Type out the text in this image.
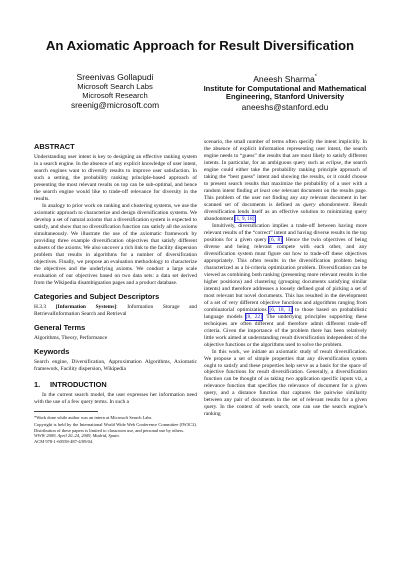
An Axiomatic Approach for Result Diversification
Sreenivas Gollapudi
Microsoft Search Labs
Microsoft Research
sreenig@microsoft.com
Aneesh Sharma*
Institute for Computational and Mathematical
Engineering, Stanford University
aneeshs@stanford.edu
ABSTRACT

Understanding user intent is key to designing an effective ranking system in a search engine. In the absence of any explicit knowledge of user intent, search engines want to diversify results to improve user satisfaction. In such a setting, the probability ranking principle-based approach of presenting the most relevant results on top can be sub-optimal, and hence the search engine would like to trade-off relevance for diversity in the results.

In analogy to prior work on ranking and clustering systems, we use the axiomatic approach to characterize and design diversification systems. We develop a set of natural axioms that a diversification system is expected to satisfy, and show that no diversification function can satisfy all the axioms simultaneously. We illustrate the use of the axiomatic framework by providing three example diversification objectives that satisfy different subsets of the axioms. We also uncover a rich link to the facility dispersion problem that results in algorithms for a number of diversification objectives. Finally, we propose an evaluation methodology to characterize the objectives and the underlying axioms. We conduct a large scale evaluation of our objectives based on two data sets: a data set derived from the Wikipedia disambiguation pages and a product database.

Categories and Subject Descriptors

H.3.3 [Information Systems]: Information Storage and RetrievalInformation Search and Retrieval

General Terms

Algorithms, Theory, Performance

Keywords

Search engine, Diversification, Approximation Algorithms, Axiomatic framework, Facility dispersion, Wikipedia

1. INTRODUCTION

In the current search model, the user expresses her information need with the use of a few query terms. In such a

*Work done while author was an intern at Microsoft Search Labs

Copyright is held by the International World Wide Web Conference Committee (IW3C2). Distribution of these papers is limited to classroom use, and personal use by others.

WWW 2009, April 20–24, 2009, Madrid, Spain.

ACM 978-1-60558-487-4/09/04.

scenario, the small number of terms often specify the intent implicitly. In the absence of explicit information representing user intent, the search engine needs to “guess” the results that are most likely to satisfy different intents. In particular, for an ambiguous query such as eclipse, the search engine could either take the probability ranking principle approach of taking the “best guess” intent and showing the results, or it could choose to present search results that maximize the probability of a user with a random intent finding at least one relevant document on the results page. This problem of the user not finding any any relevant document in her scanned set of documents is defined as query abandonment. Result diversification lends itself as an effective solution to minimizing query abandonment [1, 9, 18].

Intuitively, diversification implies a trade-off between having more relevant results of the “correct” intent and having diverse results in the top positions for a given query [6, 8]. Hence the twin objectives of being diverse and being relevant compete with each other, and any diversification system must figure out how to trade-off these objectives appropriately. This often results in the diversification problem being characterized as a bi-criteria optimization problem. Diversification can be viewed as combining both ranking (presenting more relevant results in the higher positions) and clustering (grouping documents satisfying similar intents) and therefore addresses a loosely defined goal of picking a set of most relevant but novel documents. This has resulted in the development of a set of very different objective functions and algorithms ranging from combinatorial optimizations [6, 18, 1] to those based on probabilistic language models [8, 22]. The underlying principles supporting these techniques are often different and therefore admit different trade-off criteria. Given the importance of the problem there has been relatively little work aimed at understanding result diversification independent of the objective functions or the algorithms used to solve the problem.

In this work, we initiate an axiomatic study of result diversification. We propose a set of simple properties that any diversification system ought to satisfy and these properties help serve as a basis for the space of objective functions for result diversification. Generally, a diversification function can be thought of as taking two application specific inputs viz, a relevance function that specifies the relevance of document for a given query, and a distance function that captures the pairwise similarity between any pair of documents in the set of relevant results for a given query. In the context of web search, one can use the search engine’s ranking
